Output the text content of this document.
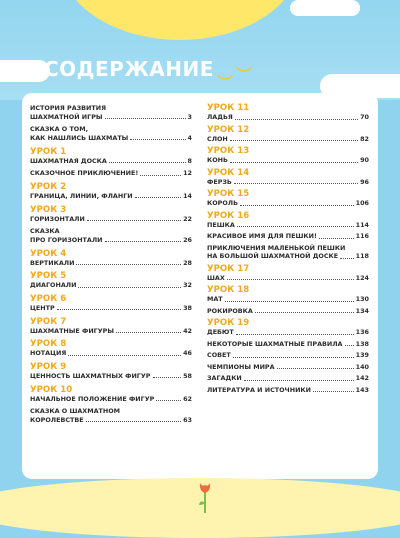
︶ ︶
СОДЕРЖАНИЕ
ИСТОРИЯ РАЗВИТИЯ
ШАХМАТНОЙ ИГРЫ	3
СКАЗКА О ТОМ,
КАК НАШЛИСЬ ШАХМАТЫ	4
УРОК 1
ШАХМАТНАЯ ДОСКА	8
СКАЗОЧНОЕ ПРИКЛЮЧЕНИЕ!	12
УРОК 2
ГРАНИЦА, ЛИНИИ, ФЛАНГИ	14
УРОК 3
ГОРИЗОНТАЛИ	22
СКАЗКА
ПРО ГОРИЗОНТАЛИ	26
УРОК 4
ВЕРТИКАЛИ	28
УРОК 5
ДИАГОНАЛИ	32
УРОК 6
ЦЕНТР	38
УРОК 7
ШАХМАТНЫЕ ФИГУРЫ	42
УРОК 8
НОТАЦИЯ	46
УРОК 9
ЦЕННОСТЬ ШАХМАТНЫХ ФИГУР	58
УРОК 10
НАЧАЛЬНОЕ ПОЛОЖЕНИЕ ФИГУР	62
СКАЗКА О ШАХМАТНОМ
КОРОЛЕВСТВЕ	63
УРОК 11
ЛАДЬЯ	70
УРОК 12
СЛОН	82
УРОК 13
КОНЬ	90
УРОК 14
ФЕРЗЬ	96
УРОК 15
КОРОЛЬ	106
УРОК 16
ПЕШКА	114
КРАСИВОЕ ИМЯ ДЛЯ ПЕШКИ!	116
ПРИКЛЮЧЕНИЯ МАЛЕНЬКОЙ ПЕШКИ
НА БОЛЬШОЙ ШАХМАТНОЙ ДОСКЕ	118
УРОК 17
ШАХ	124
УРОК 18
МАТ	130
РОКИРОВКА	134
УРОК 19
ДЕБЮТ	136
НЕКОТОРЫЕ ШАХМАТНЫЕ ПРАВИЛА 138
СОВЕТ	139
ЧЕМПИОНЫ МИРА	140
ЗАГАДКИ	142
ЛИТЕРАТУРА И ИСТОЧНИКИ	143
